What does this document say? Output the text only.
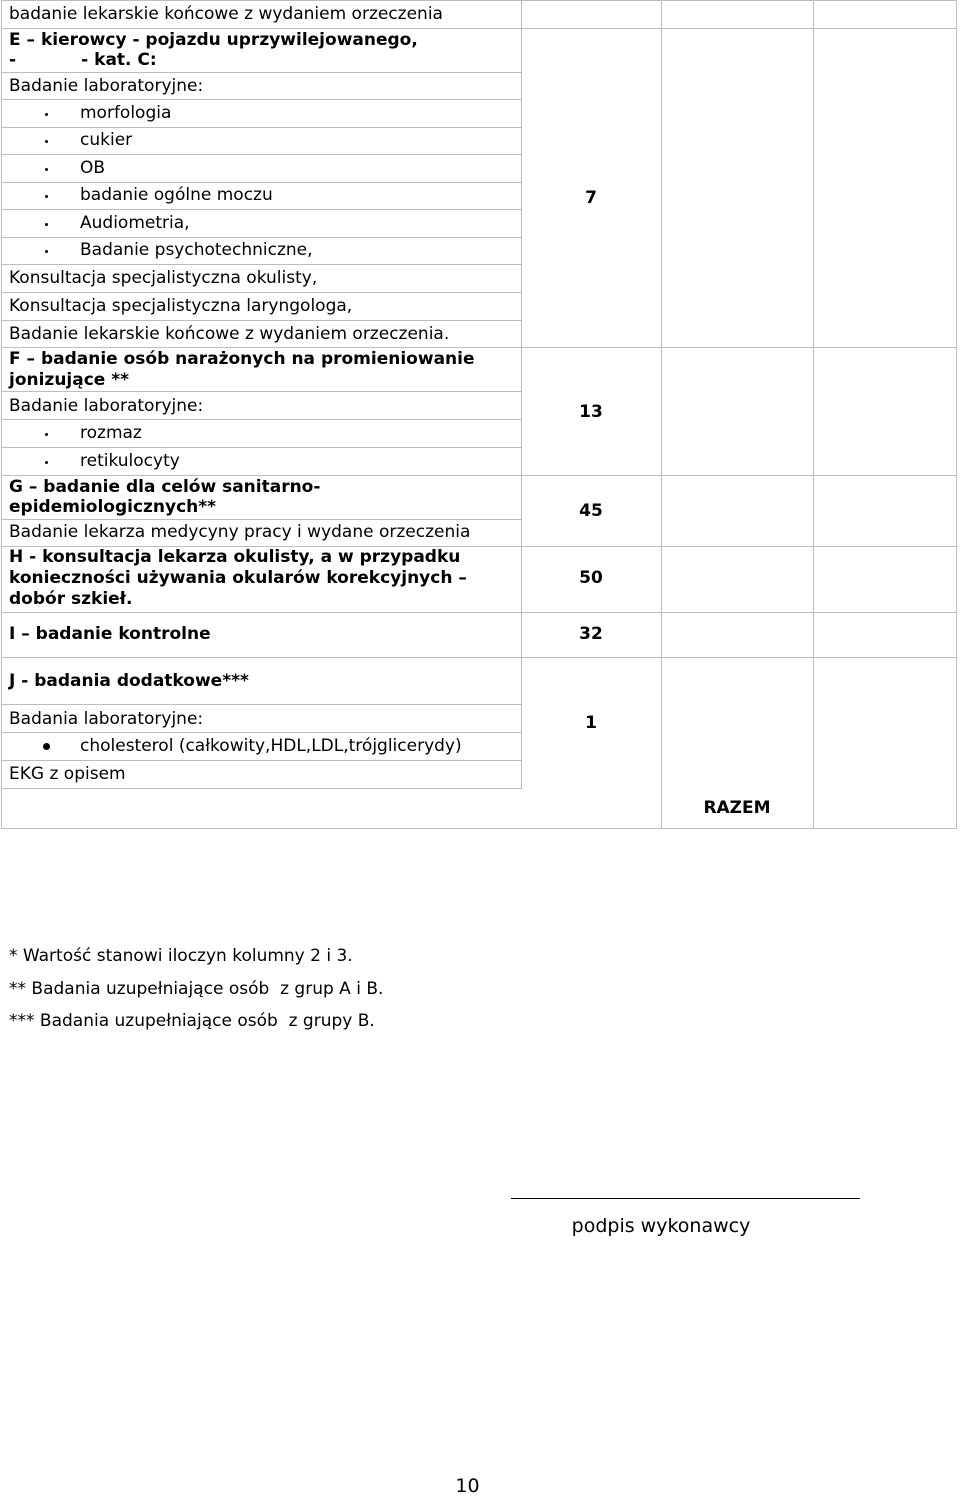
badanie lekarskie końcowe z wydaniem orzeczenia
E – kierowcy - pojazdu uprzywilejowanego,
-           - kat. C:
Badanie laboratoryjne:
morfologia
cukier
OB
badanie ogólne moczu
Audiometria,
Badanie psychotechniczne,
Konsultacja specjalistyczna okulisty,
Konsultacja specjalistyczna laryngologa,
Badanie lekarskie końcowe z wydaniem orzeczenia.
7
F – badanie osób narażonych na promieniowanie
jonizujące **
Badanie laboratoryjne:
rozmaz
retikulocyty
13
G – badanie dla celów sanitarno-
epidemiologicznych**
Badanie lekarza medycyny pracy i wydane orzeczenia
45
H - konsultacja lekarza okulisty, a w przypadku
konieczności używania okularów korekcyjnych –
dobór szkieł.
50
I – badanie kontrolne	32
J - badania dodatkowe***
Badania laboratoryjne:
cholesterol (całkowity,HDL,LDL,trójglicerydy)
EKG z opisem
1
RAZEM
* Wartość stanowi iloczyn kolumny 2 i 3.
** Badania uzupełniające osób  z grup A i B.
*** Badania uzupełniające osób  z grupy B.
podpis wykonawcy
10
